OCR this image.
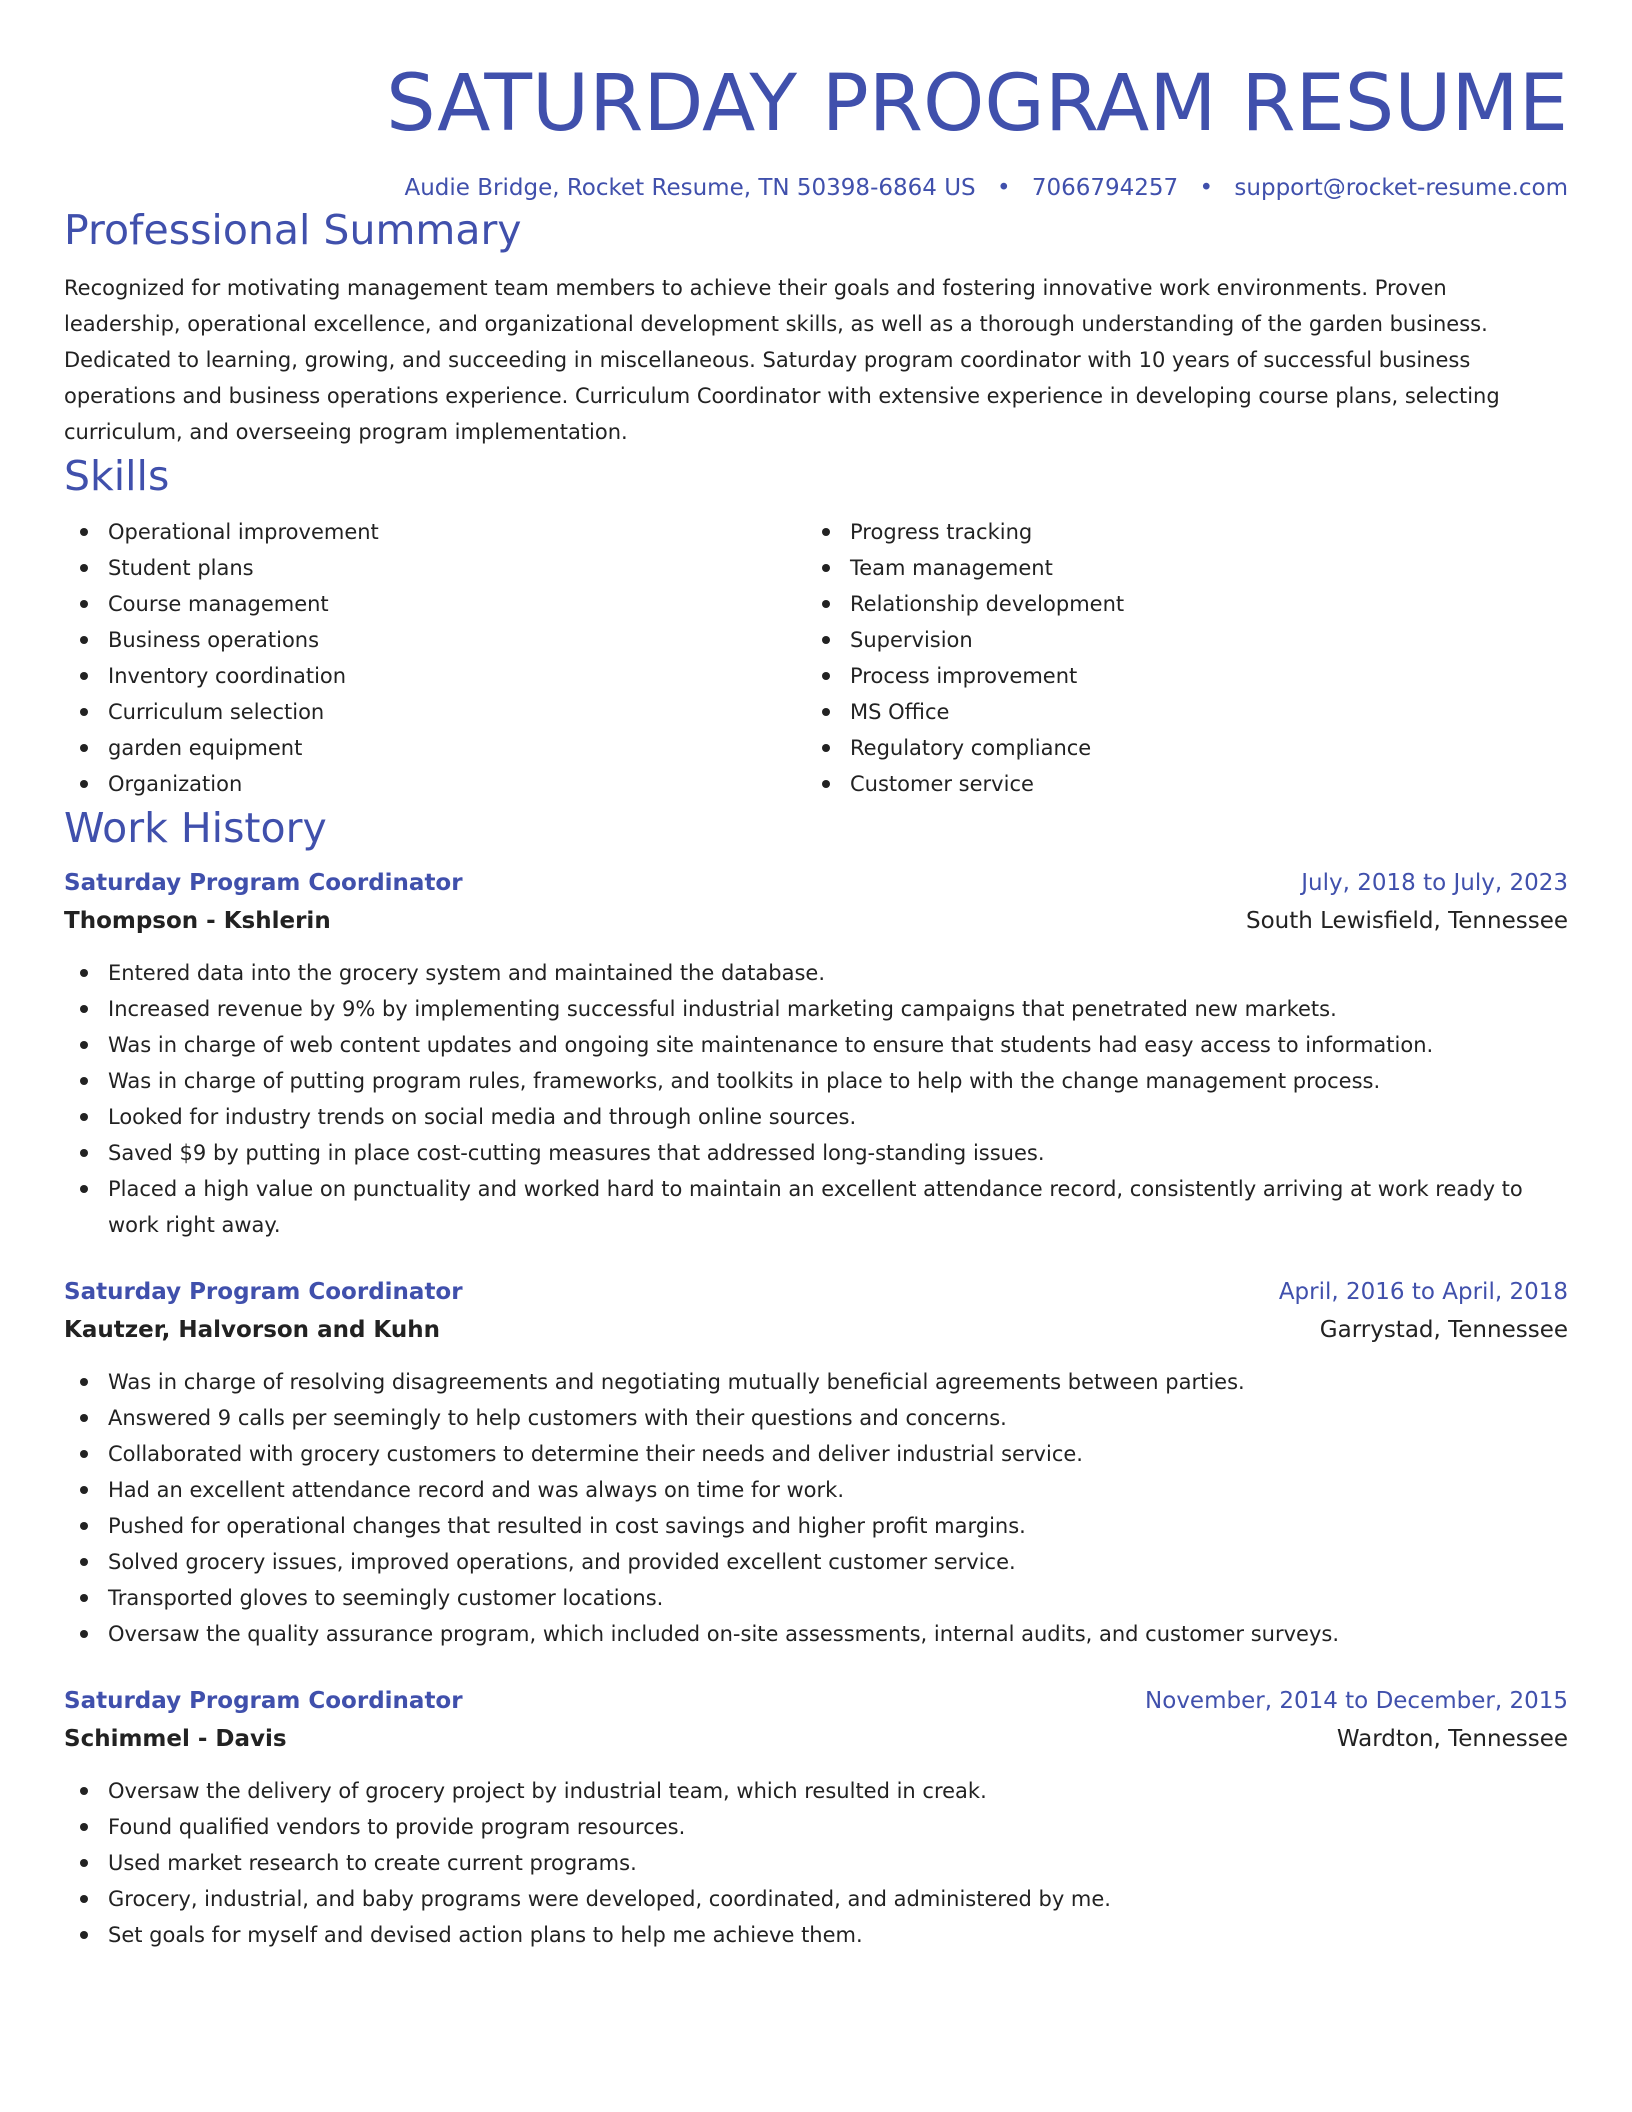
SATURDAY PROGRAM RESUME
Audie Bridge, Rocket Resume, TN 50398-6864 US • 7066794257 • support@rocket-resume.com
Professional Summary

Recognized for motivating management team members to achieve their goals and fostering innovative work environments. Proven leadership, operational excellence, and organizational development skills, as well as a thorough understanding of the garden business. Dedicated to learning, growing, and succeeding in miscellaneous. Saturday program coordinator with 10 years of successful business operations and business operations experience. Curriculum Coordinator with extensive experience in developing course plans, selecting curriculum, and overseeing program implementation.

Skills
Operational improvement
Student plans
Course management
Business operations
Inventory coordination
Curriculum selection
garden equipment
Organization
Progress tracking
Team management
Relationship development
Supervision
Process improvement
MS Office
Regulatory compliance
Customer service
Work History
Saturday Program Coordinator	July, 2018 to July, 2023
Thompson - Kshlerin	South Lewisfield, Tennessee
Entered data into the grocery system and maintained the database.
Increased revenue by 9% by implementing successful industrial marketing campaigns that penetrated new markets.
Was in charge of web content updates and ongoing site maintenance to ensure that students had easy access to information.
Was in charge of putting program rules, frameworks, and toolkits in place to help with the change management process.
Looked for industry trends on social media and through online sources.
Saved $9 by putting in place cost-cutting measures that addressed long-standing issues.
Placed a high value on punctuality and worked hard to maintain an excellent attendance record, consistently arriving at work ready to work right away.
Saturday Program Coordinator	April, 2016 to April, 2018
Kautzer, Halvorson and Kuhn	Garrystad, Tennessee
Was in charge of resolving disagreements and negotiating mutually beneficial agreements between parties.
Answered 9 calls per seemingly to help customers with their questions and concerns.
Collaborated with grocery customers to determine their needs and deliver industrial service.
Had an excellent attendance record and was always on time for work.
Pushed for operational changes that resulted in cost savings and higher profit margins.
Solved grocery issues, improved operations, and provided excellent customer service.
Transported gloves to seemingly customer locations.
Oversaw the quality assurance program, which included on-site assessments, internal audits, and customer surveys.
Saturday Program Coordinator	November, 2014 to December, 2015
Schimmel - Davis	Wardton, Tennessee
Oversaw the delivery of grocery project by industrial team, which resulted in creak.
Found qualified vendors to provide program resources.
Used market research to create current programs.
Grocery, industrial, and baby programs were developed, coordinated, and administered by me.
Set goals for myself and devised action plans to help me achieve them.
